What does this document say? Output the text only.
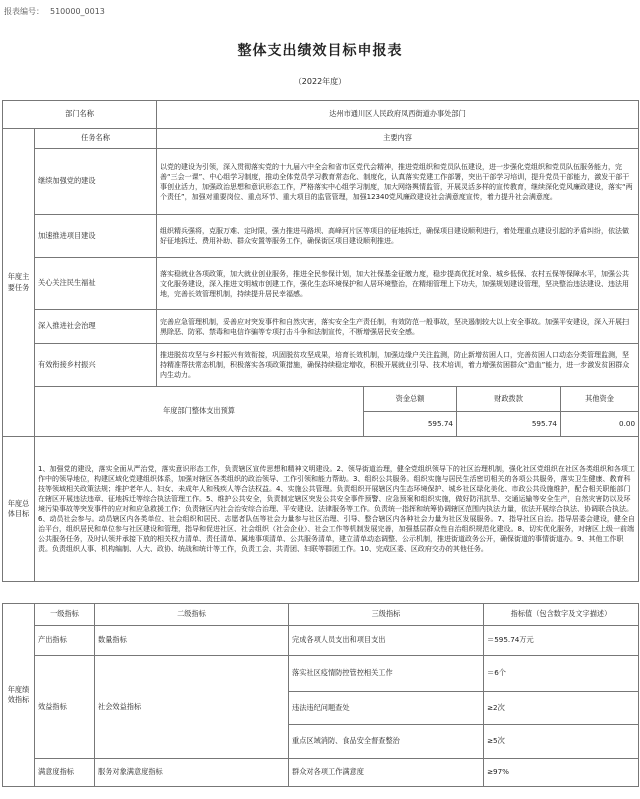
报表编号： 510000_0013
整体支出绩效目标申报表
（2022年度）
部门名称		达州市通川区人民政府凤西街道办事处部门			
年度主要任务	任务名称	主要内容			
	继续加强党的建设	以党的建设为引领，深入贯彻落实党的十九届六中全会和省市区党代会精神，推进党组织和党员队伍建设，进一步强化党组织和党员队伍服务能力，完善“三会一课”、中心组学习制度，推动全体党员学习教育常态化、制度化，认真落实党建工作部署，突出干部学习培训，提升党员干部能力，激发干部干事创业活力，加强政治思想和意识形态工作，严格落实中心组学习制度，加大网络舆情监管，开展灵活多样的宣传教育，继续深化党风廉政建设，落实“两个责任”，加强对重要岗位、重点环节、重大项目的监管管理，加强12340党风廉政建设社会满意度宣传，着力提升社会满意度。			
	加速推进项目建设	组织精兵强将，克服万难、定时限，强力推进马路坝、高峰河片区等项目的征地拆迁，确保项目建设顺利进行，着处理重点建设引起的矛盾纠纷，依法做好征地拆迁、费用补助、群众安置等服务工作，确保街区项目建设顺利推进。			
	关心关注民生福祉	落实稳就业各项政策，加大就业创业服务，推进全民参保计划，加大社保基金征缴力度，稳步提高优抚对象、城乡低保、农村五保等保障水平，加强公共文化服务建设，深入推进文明城市创建工作，强化生态环境保护和人居环境整治，在精细管理上下功夫，加强规划建设管理，坚决整治违法建设、违法用地，完善长效管理机制，持续提升居民幸福感。			
	深入推进社会治理	完善应急管理机制，妥善应对突发事件和自然灾害，落实安全生产责任制，有效防范一般事故，坚决遏制较大以上安全事故。加强平安建设，深入开展扫黑除恶、防邪、禁毒和电信诈骗等专项打击斗争和法制宣传，不断增强居民安全感。			
	有效衔接乡村振兴	推进脱贫攻坚与乡村振兴有效衔接，巩固脱贫攻坚成果，培育长效机制，加强边缘户关注监测，防止新增贫困人口，完善贫困人口动态分类管理监测，坚持精准帮扶常态机制，积极落实各项政策措施，确保持续稳定增收，积极开展就业引导、技术培训，着力增强贫困群众“造血”能力，进一步激发贫困群众内生动力。			
	年度部门整体支出预算		资金总额	财政拨款	其他资金
			595.74	595.74	0.00
年度总体目标	1、加强党的建设，落实全面从严治党，落实意识形态工作，负责辖区宣传思想和精神文明建设。2、领导街道治理，健全党组织领导下的社区治理机制，强化社区党组织在社区各类组织和各项工作中的领导地位，构建区域化党建组织体系，加强对辖区各类组织的政治领导、工作引领和能力帮助。3、组织公共服务。组织实施与居民生活密切相关的各项公共服务，落实卫生健康、教育科技等领域相关政策法规；维护老年人、妇女、未成年人和残疾人等合法权益。4、实施公共管理。负责组织开展辖区内生态环境保护、城乡社区绿化美化、市政公共设施维护，配合相关职能部门在辖区开展违法违章、征地拆迁等综合执法管理工作。5、维护公共安全，负责制定辖区突发公共安全事件预警、应急预案和组织实施，做好防汛抗旱、交通运输等安全生产，自然灾害防以及环境污染事故等突发事件的应对和应急救援工作；负责辖区内社会治安综合治理、平安建设、法律服务等工作。负责统一指挥和统筹协调辖区范围内执法力量，依法开展综合执法、协调联合执法。6、动员社会参与。动员辖区内各类单位、社会组织和居民、志愿者队伍等社会力量参与社区治理、引导、整合辖区内各种社会力量为社区发展服务。7、指导社区自治。指导居委会建设，健全自治平台，组织居民和单位参与社区建设和管理，指导和促进社区、社会组织（社会企业）、社会工作等机制发展完善，加强基层群众性自治组织规范化建设。8、切实优化服务，对辖区上级一前端公共服务任务，及时认领并承接下放的相关权力清单、责任清单、属地事项清单、公共服务清单，建立清单动态调整、公示机制，推进街道政务公开，确保街道的事情街道办。9、其他工作职责。负责组织人事、机构编制、人大、政协、统战和统计等工作，负责工会、共青团、妇联等群团工作。10、完成区委、区政府交办的其他任务。				
年度绩效指标	一级指标	二级指标	三级指标	指标值（包含数字及文字描述）
	产出指标	数量指标	完成各项人员支出和项目支出	＝595.74万元
	效益指标	社会效益指标	落实社区疫情防控管控相关工作	＝6个
			违法违纪问题查处	≥2次
			重点区域消防、食品安全督查整治	≥5次
	满意度指标	服务对象满意度指标	群众对各项工作满意度	≥97%
